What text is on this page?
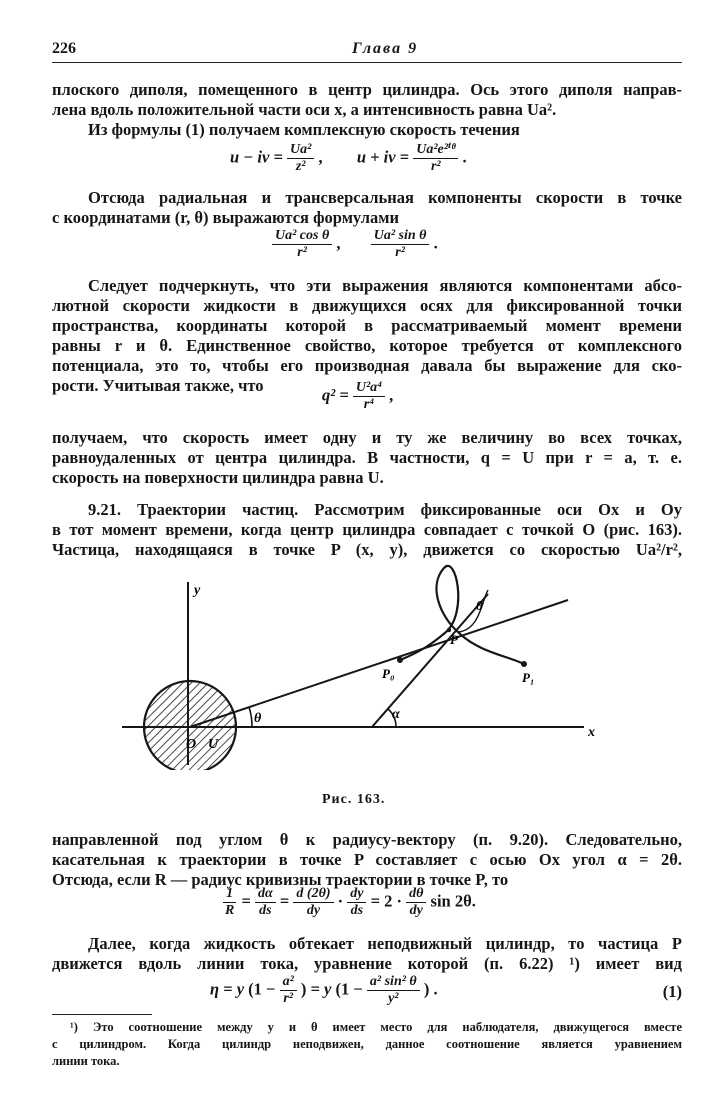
226	Глава 9
плоского диполя, помещенного в центр цилиндра. Ось этого диполя направ-
лена вдоль положительной части оси x, а интенсивность равна Ua².
Из формулы (1) получаем комплексную скорость течения
u − iv = $\frac{\text{Ua²}}{\text{z²}}$ , u + iv = $\frac{\text{Ua²e²ⁱᶿ}}{\text{r²}}$ .
Отсюда радиальная и трансверсальная компоненты скорости в точке
с координатами (r, θ) выражаются формулами
$\frac{\text{Ua² cos θ}}{\text{r²}}$ , $\frac{\text{Ua² sin θ}}{\text{r²}}$ .
Следует подчеркнуть, что эти выражения являются компонентами абсо-
лютной скорости жидкости в движущихся осях для фиксированной точки
пространства, координаты которой в рассматриваемый момент времени
равны r и θ. Единственное свойство, которое требуется от комплексного
потенциала, это то, чтобы его производная давала бы выражение для ско-
рости. Учитывая также, что	$q^2 = \frac{\text{U²a⁴}}{\text{r⁴}}$ ,
получаем, что скорость имеет одну и ту же величину во всех точках,
равноудаленных от центра цилиндра. В частности, q = U при r = a, т. е.
скорость на поверхности цилиндра равна U.
9.21. Траектории частиц. Рассмотрим фиксированные оси Ox и Oy
в тот момент времени, когда центр цилиндра совпадает с точкой O (рис. 163).
Частица, находящаяся в точке P (x, y), движется со скоростью Ua²/r²,
y
x
O U
θ	α
θ
P
P₀	P₁
Рис. 163.
направленной под углом θ к радиусу-вектору (п. 9.20). Следовательно,
касательная к траектории в точке P составляет с осью Ox угол α = 2θ.
Отсюда, если R — радиус кривизны траектории в точке P, то
$\frac{1}{R} = \frac{d\alpha}{ds} = \frac{d (2\theta)}{dy} \cdot \frac{dy}{ds} = 2 \cdot \frac{d\theta}{dy}$ sin 2θ.
Далее, когда жидкость обтекает неподвижный цилиндр, то частица P
движется вдоль линии тока, уравнение которой (п. 6.22) ¹) имеет вид
η = y ($1 - \frac{\text{a²}}{\text{r²}}$ ) = y ($1 - \frac{\text{a² sin² θ}}{\text{y²}}$ ) .	(1)
¹) Это соотношение между y и θ имеет место для наблюдателя, движущегося вместе
с цилиндром. Когда цилиндр неподвижен, данное соотношение является уравнением
линии тока.
